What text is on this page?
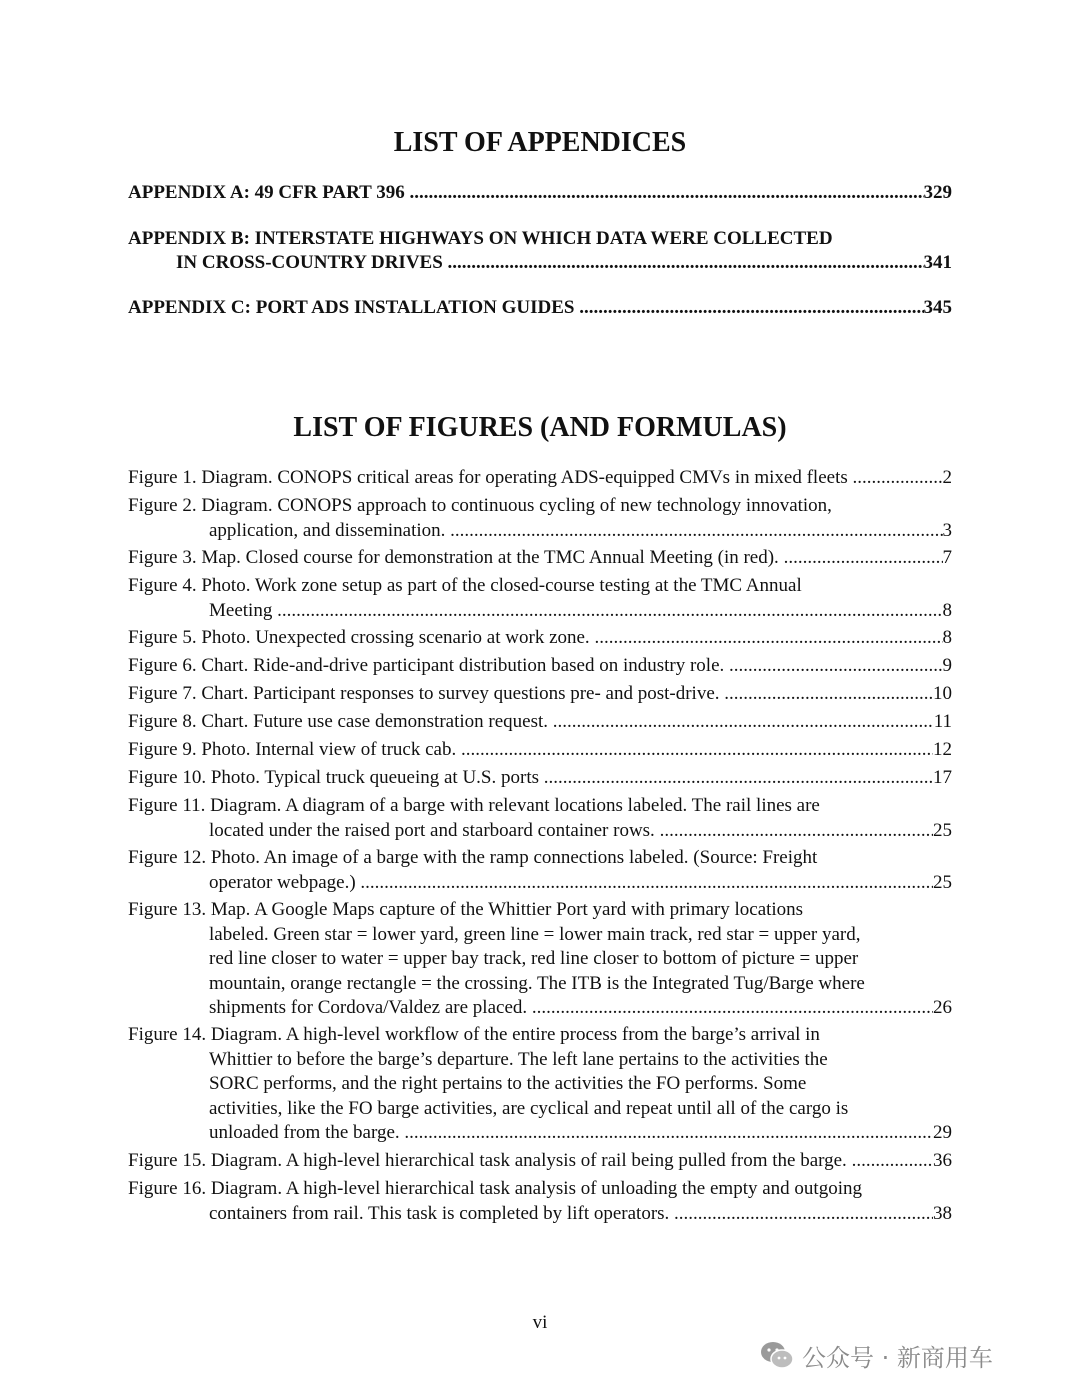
LIST OF APPENDICES
APPENDIX A: 49 CFR PART 396 .....	329
APPENDIX B: INTERSTATE HIGHWAYS ON WHICH DATA WERE COLLECTED
IN CROSS-COUNTRY DRIVES .....	341
APPENDIX C: PORT ADS INSTALLATION GUIDES .....	345
LIST OF FIGURES (AND FORMULAS)
Figure 1. Diagram. CONOPS critical areas for operating ADS-equipped CMVs in mixed fleets .....	2
Figure 2. Diagram. CONOPS approach to continuous cycling of new technology innovation,
application, and dissemination. .....	3
Figure 3. Map. Closed course for demonstration at the TMC Annual Meeting (in red). .....	7
Figure 4. Photo. Work zone setup as part of the closed-course testing at the TMC Annual
Meeting .....	8
Figure 5. Photo. Unexpected crossing scenario at work zone. .....	8
Figure 6. Chart. Ride-and-drive participant distribution based on industry role. .....	9
Figure 7. Chart. Participant responses to survey questions pre- and post-drive. .....	10
Figure 8. Chart. Future use case demonstration request. .....	11
Figure 9. Photo. Internal view of truck cab. .....	12
Figure 10. Photo. Typical truck queueing at U.S. ports .....	17
Figure 11. Diagram. A diagram of a barge with relevant locations labeled. The rail lines are
located under the raised port and starboard container rows. .....	25
Figure 12. Photo. An image of a barge with the ramp connections labeled. (Source: Freight
operator webpage.) .....	25
Figure 13. Map. A Google Maps capture of the Whittier Port yard with primary locations
labeled. Green star = lower yard, green line = lower main track, red star = upper yard,
red line closer to water = upper bay track, red line closer to bottom of picture = upper
mountain, orange rectangle = the crossing. The ITB is the Integrated Tug/Barge where
shipments for Cordova/Valdez are placed. .....	26
Figure 14. Diagram. A high-level workflow of the entire process from the barge’s arrival in
Whittier to before the barge’s departure. The left lane pertains to the activities the
SORC performs, and the right pertains to the activities the FO performs. Some
activities, like the FO barge activities, are cyclical and repeat until all of the cargo is
unloaded from the barge. .....	29
Figure 15. Diagram. A high-level hierarchical task analysis of rail being pulled from the barge. .....	36
Figure 16. Diagram. A high-level hierarchical task analysis of unloading the empty and outgoing
containers from rail. This task is completed by lift operators. .....	38
vi
公众号 · 新商用车
